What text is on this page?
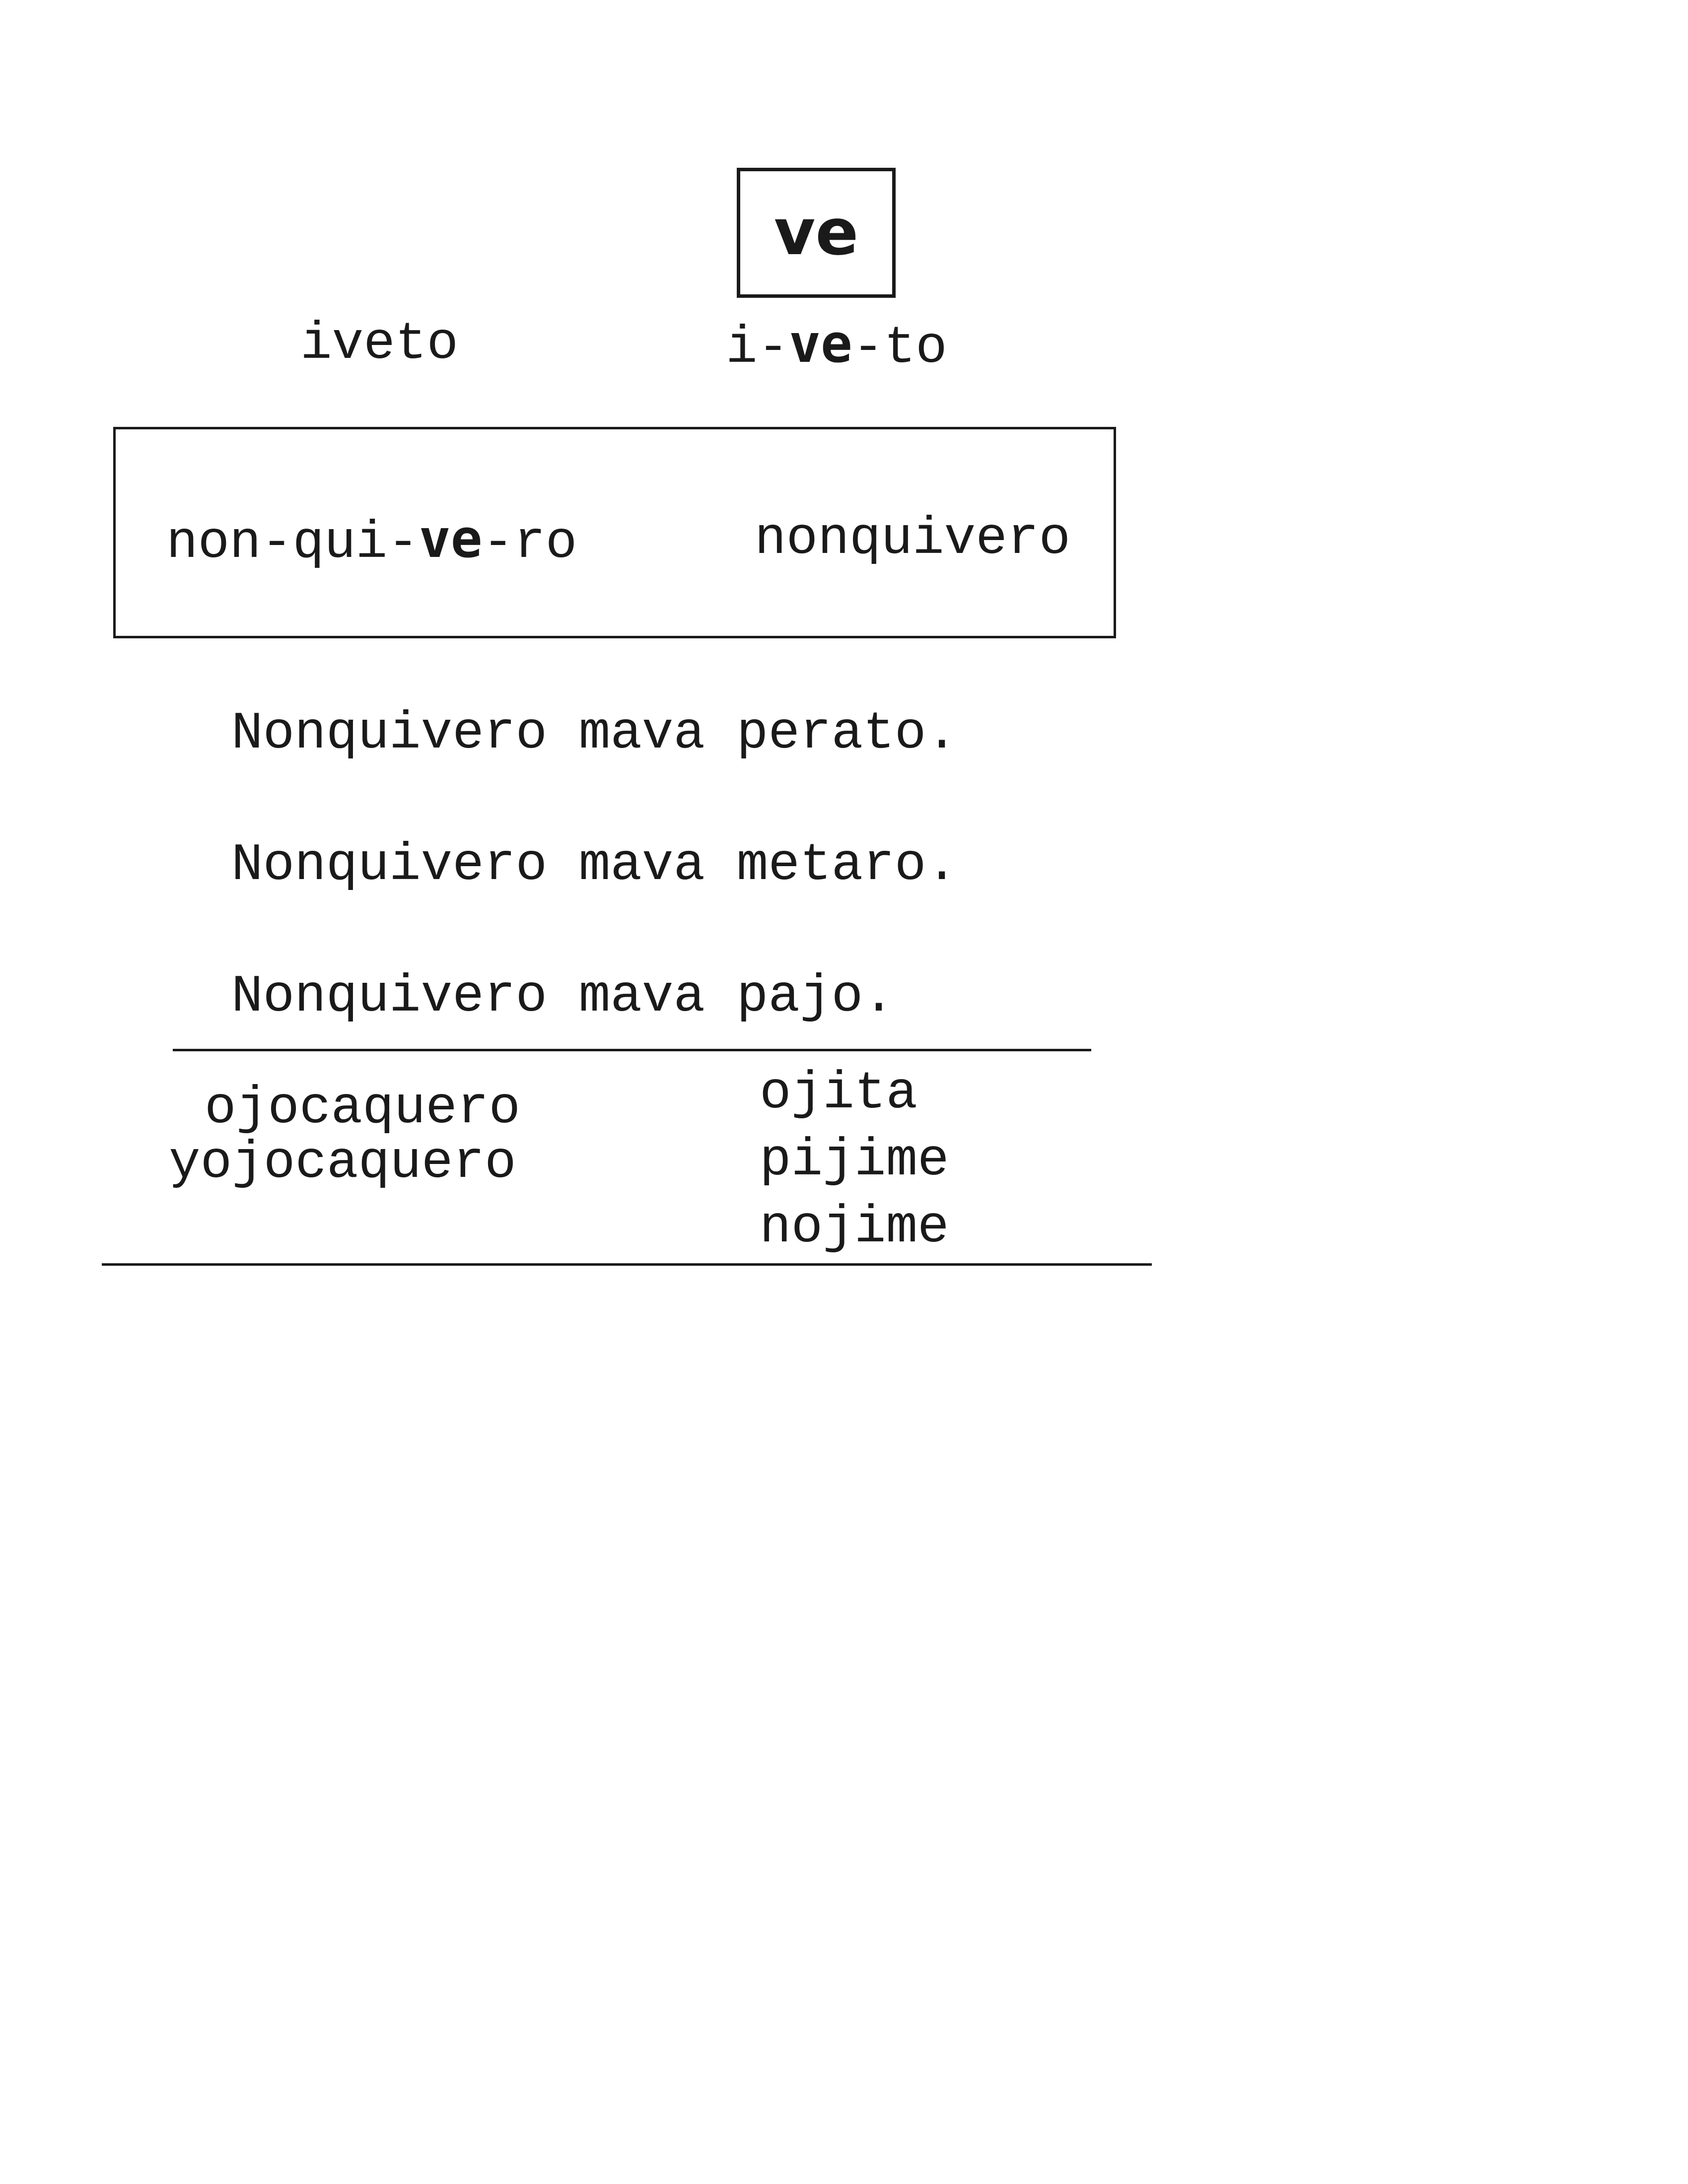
ve
iveto	i-ve-to
non-qui-ve-ro	nonquivero
Nonquivero mava perato.
Nonquivero mava metaro.
Nonquivero mava pajo.
ojocaquero
yojocaquero
ojita
pijime
nojime
